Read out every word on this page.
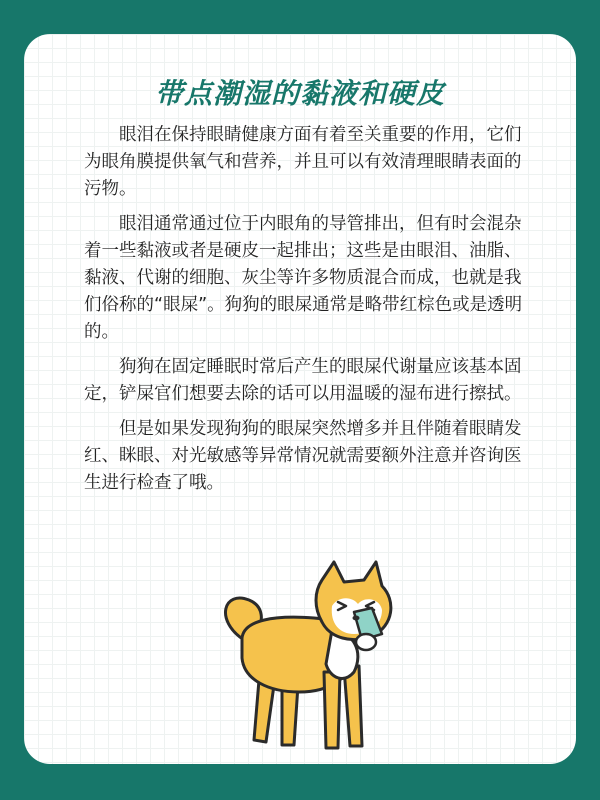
带点潮湿的黏液和硬皮

眼泪在保持眼睛健康方面有着至关重要的作用，它们为眼角膜提供氧气和营养，并且可以有效清理眼睛表面的污物。

眼泪通常通过位于内眼角的导管排出，但有时会混杂着一些黏液或者是硬皮一起排出；这些是由眼泪、油脂、黏液、代谢的细胞、灰尘等许多物质混合而成，也就是我们俗称的“眼屎”。狗狗的眼屎通常是略带红棕色或是透明的。

狗狗在固定睡眠时常后产生的眼屎代谢量应该基本固定，铲屎官们想要去除的话可以用温暖的湿布进行擦拭。

但是如果发现狗狗的眼屎突然增多并且伴随着眼睛发红、眯眼、对光敏感等异常情况就需要额外注意并咨询医生进行检查了哦。
